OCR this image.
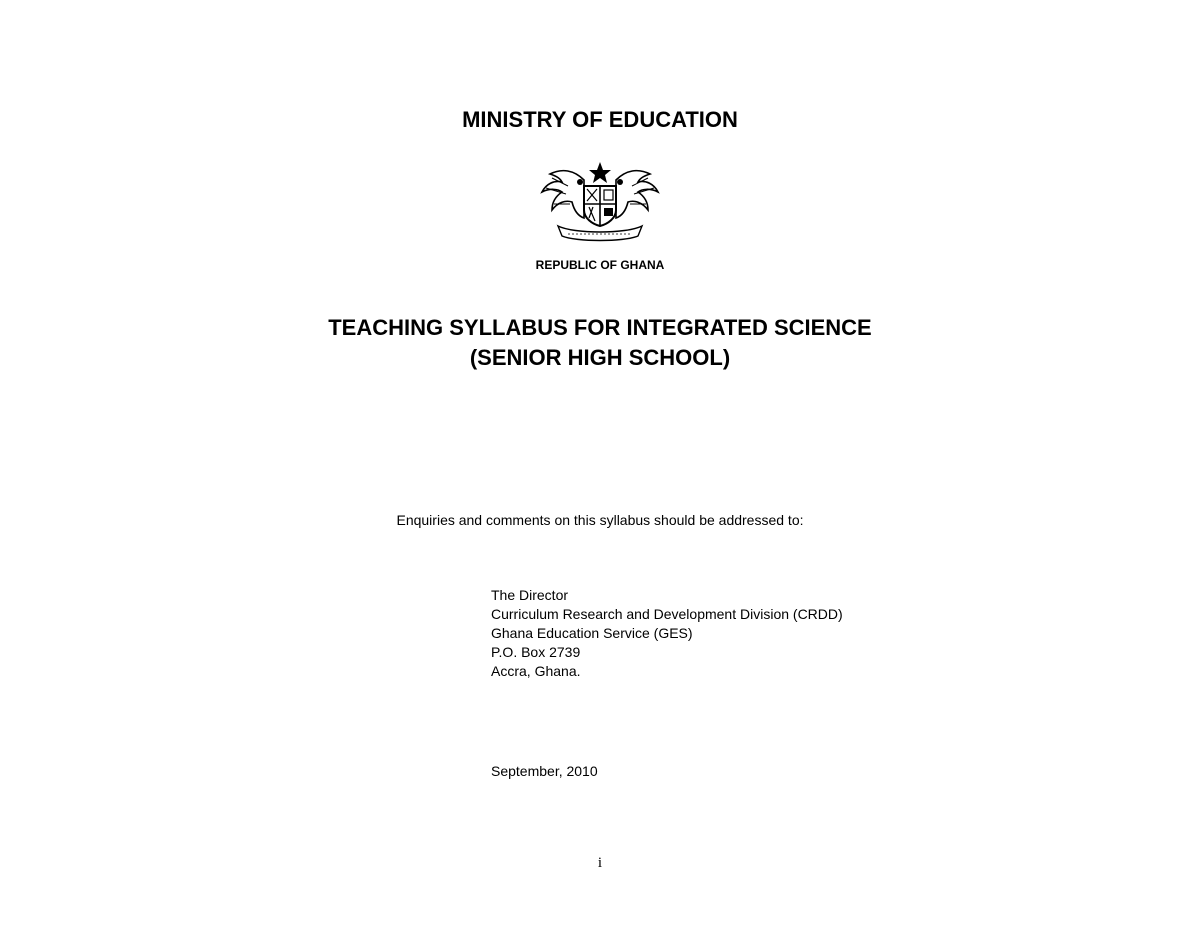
MINISTRY OF EDUCATION
REPUBLIC OF GHANA
TEACHING SYLLABUS FOR INTEGRATED SCIENCE
(SENIOR HIGH SCHOOL)
Enquiries and comments on this syllabus should be addressed to:
The Director
Curriculum Research and Development Division (CRDD)
Ghana Education Service (GES)
P.O. Box 2739
Accra, Ghana.
September, 2010
i
